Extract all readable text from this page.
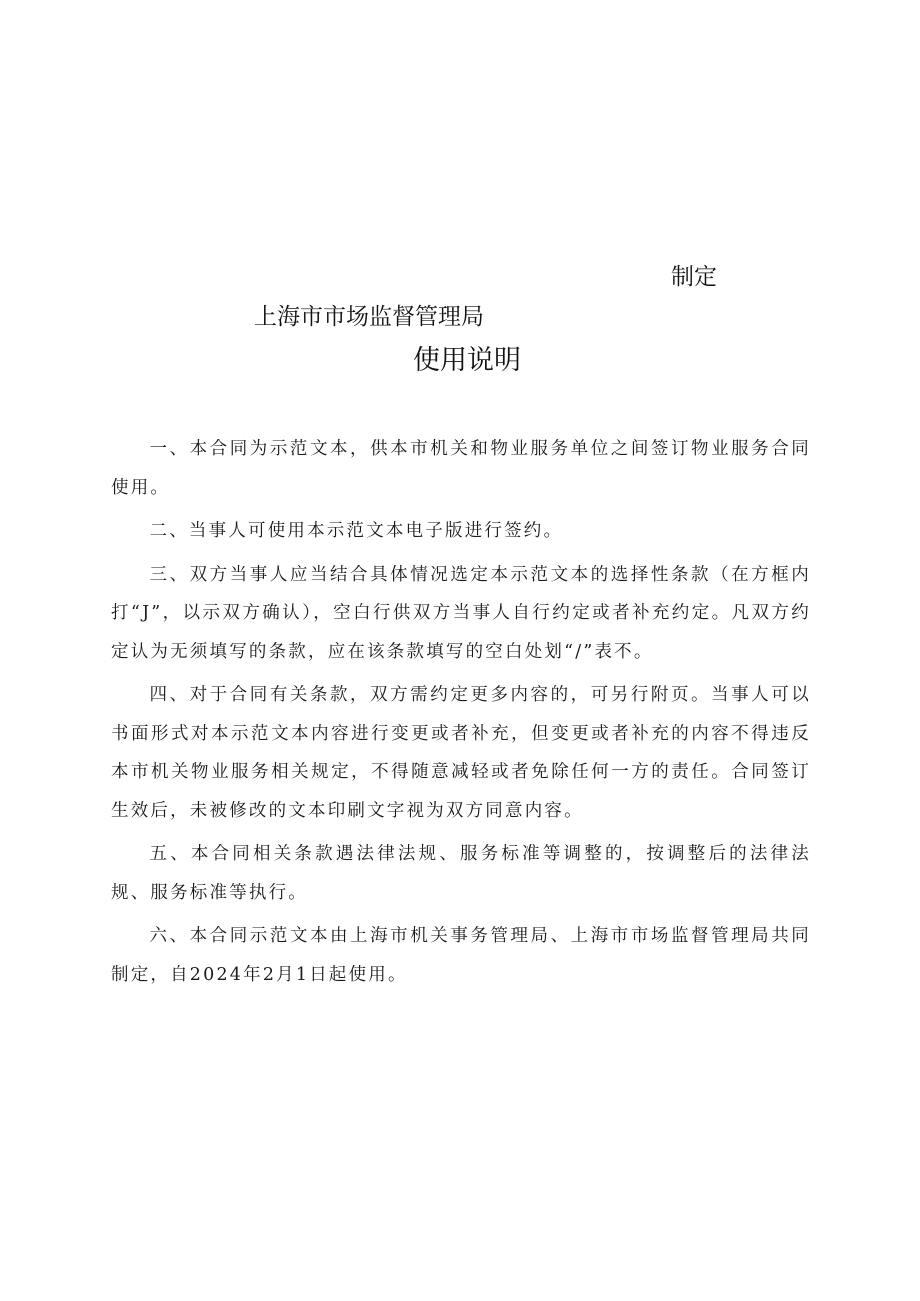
制定
上海市市场监督管理局
使用说明

一、本合同为示范文本，供本市机关和物业服务单位之间签订物业服务合同使用。

二、当事人可使用本示范文本电子版进行签约。

三、双方当事人应当结合具体情况选定本示范文本的选择性条款（在方框内打“J”，以示双方确认），空白行供双方当事人自行约定或者补充约定。凡双方约定认为无须填写的条款，应在该条款填写的空白处划“/”表不。

四、对于合同有关条款，双方需约定更多内容的，可另行附页。当事人可以书面形式对本示范文本内容进行变更或者补充，但变更或者补充的内容不得违反本市机关物业服务相关规定，不得随意减轻或者免除任何一方的责任。合同签订生效后，未被修改的文本印刷文字视为双方同意内容。

五、本合同相关条款遇法律法规、服务标准等调整的，按调整后的法律法规、服务标准等执行。

六、本合同示范文本由上海市机关事务管理局、上海市市场监督管理局共同制定，自2024年2月1日起使用。
